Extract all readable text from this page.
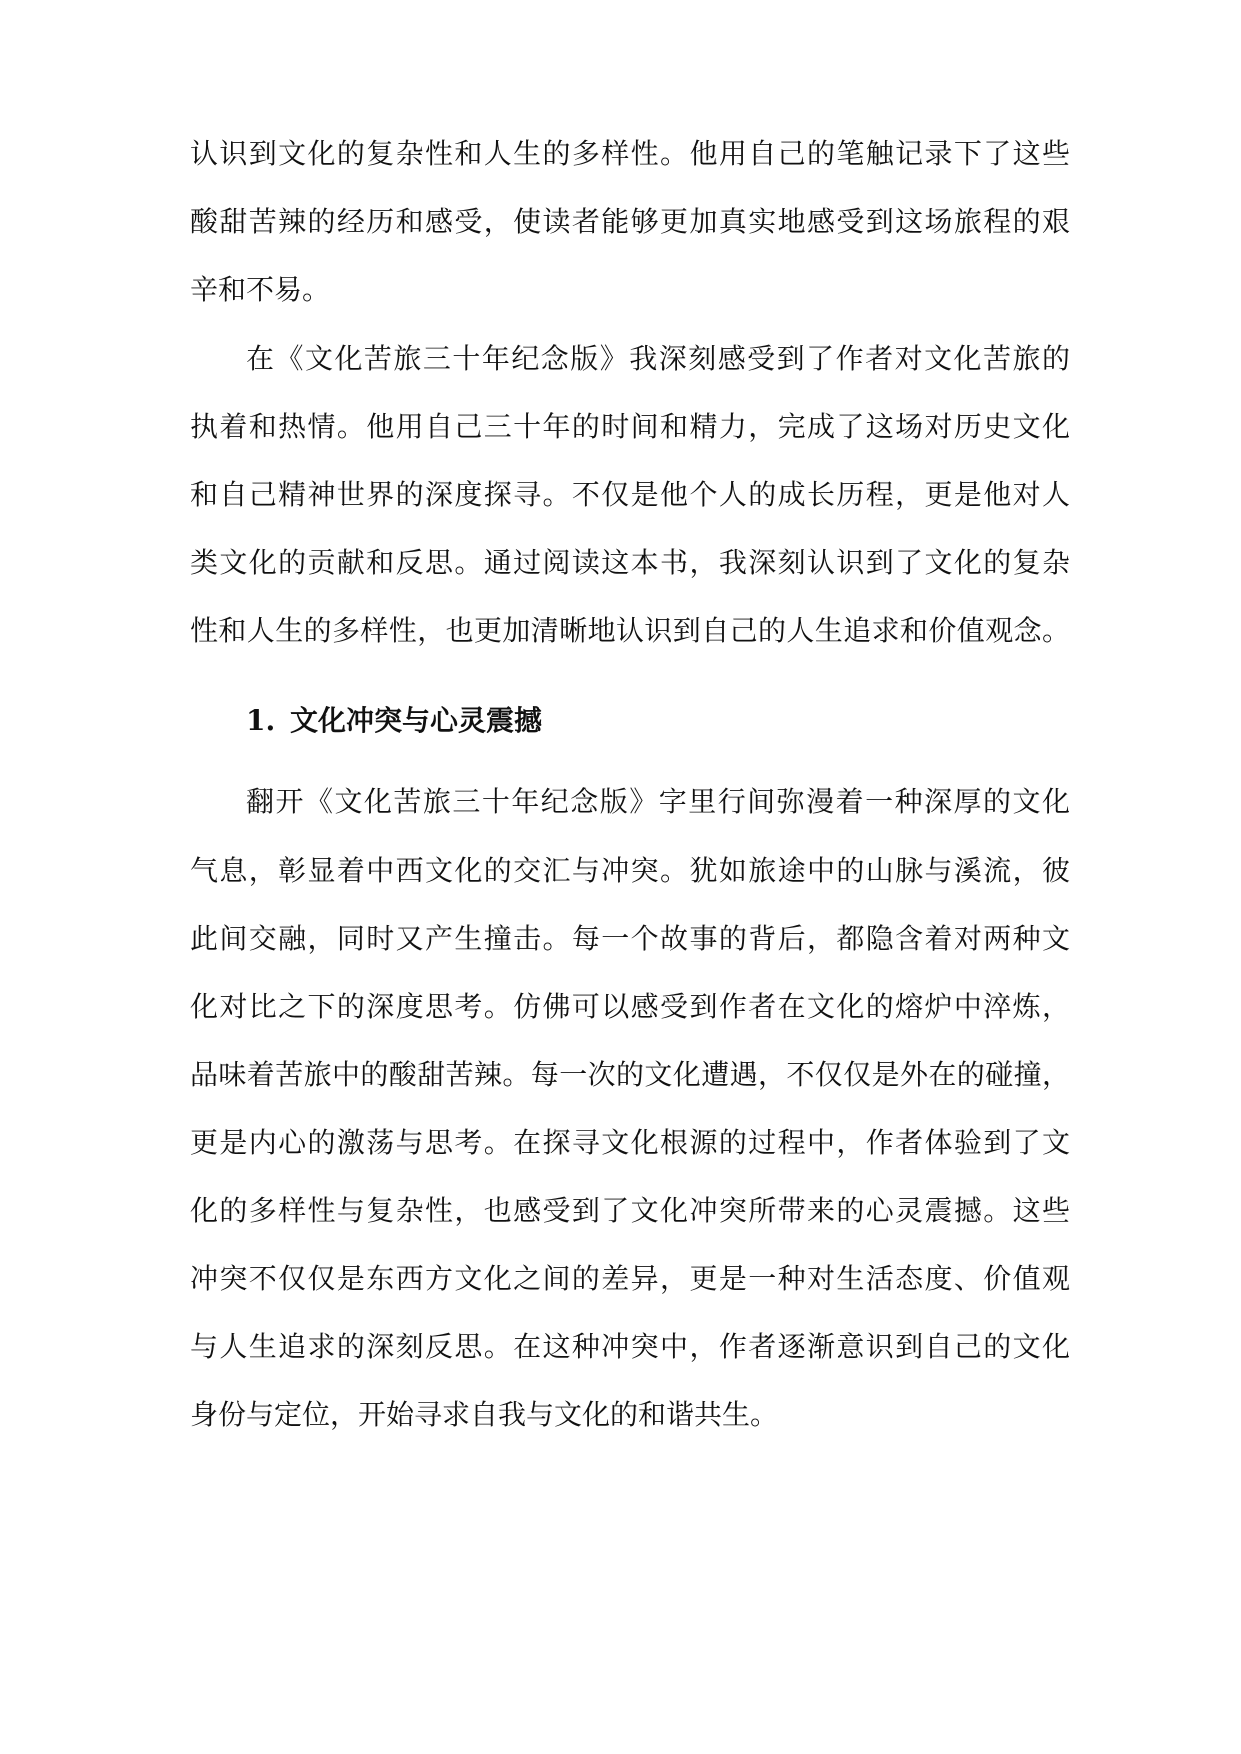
认识到文化的复杂性和人生的多样性。他用自己的笔触记录下了这些
酸甜苦辣的经历和感受，使读者能够更加真实地感受到这场旅程的艰
辛和不易。
在《文化苦旅三十年纪念版》我深刻感受到了作者对文化苦旅的
执着和热情。他用自己三十年的时间和精力，完成了这场对历史文化
和自己精神世界的深度探寻。不仅是他个人的成长历程，更是他对人
类文化的贡献和反思。通过阅读这本书，我深刻认识到了文化的复杂
性和人生的多样性，也更加清晰地认识到自己的人生追求和价值观念。
1. 文化冲突与心灵震撼
翻开《文化苦旅三十年纪念版》字里行间弥漫着一种深厚的文化
气息，彰显着中西文化的交汇与冲突。犹如旅途中的山脉与溪流，彼
此间交融，同时又产生撞击。每一个故事的背后，都隐含着对两种文
化对比之下的深度思考。仿佛可以感受到作者在文化的熔炉中淬炼，
品味着苦旅中的酸甜苦辣。每一次的文化遭遇，不仅仅是外在的碰撞，
更是内心的激荡与思考。在探寻文化根源的过程中，作者体验到了文
化的多样性与复杂性，也感受到了文化冲突所带来的心灵震撼。这些
冲突不仅仅是东西方文化之间的差异，更是一种对生活态度、价值观
与人生追求的深刻反思。在这种冲突中，作者逐渐意识到自己的文化
身份与定位，开始寻求自我与文化的和谐共生。
